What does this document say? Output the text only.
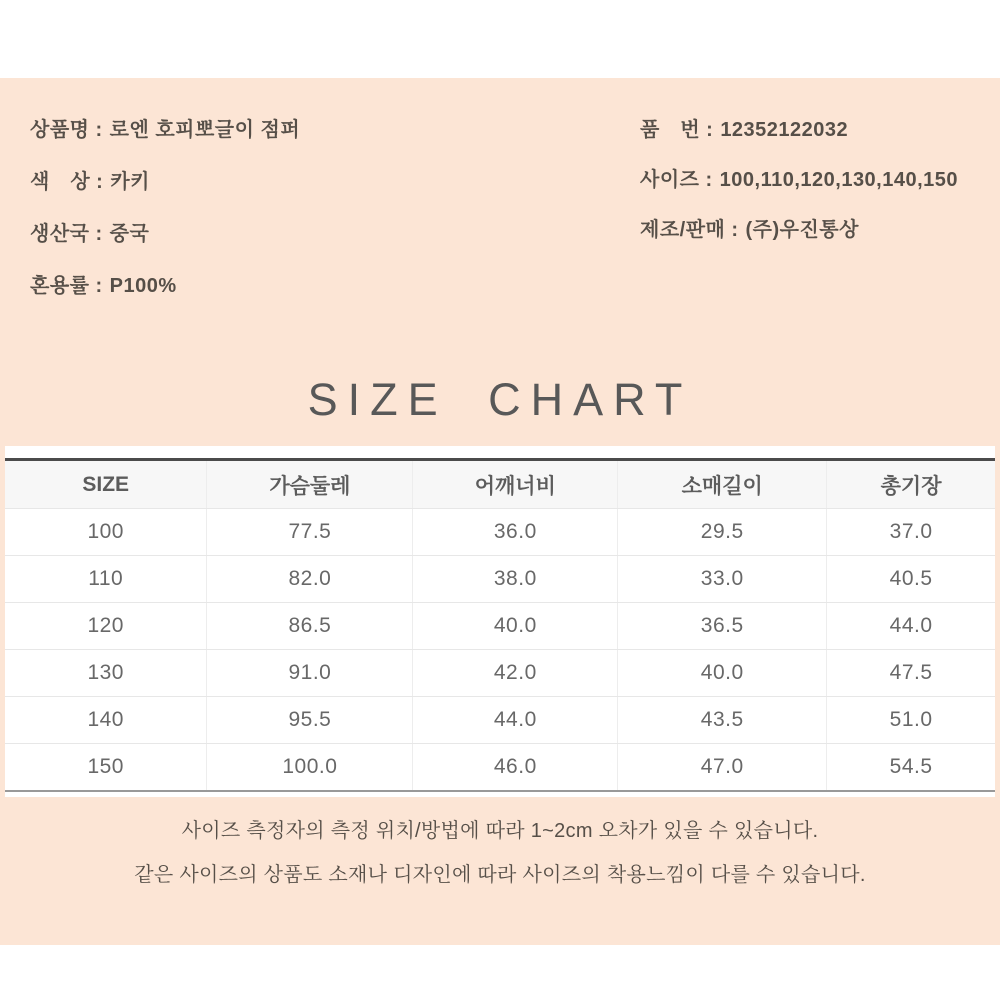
상품명 : 로엔 호피뽀글이 점퍼
색　상 : 카키
생산국 : 중국
혼용률 : P100%
품　번 : 12352122032
사이즈 : 100,110,120,130,140,150
제조/판매 : (주)우진통상
SIZE CHART
SIZE	가슴둘레	어깨너비	소매길이	총기장
100	77.5	36.0	29.5	37.0
110	82.0	38.0	33.0	40.5
120	86.5	40.0	36.5	44.0
130	91.0	42.0	40.0	47.5
140	95.5	44.0	43.5	51.0
150	100.0	46.0	47.0	54.5
사이즈 측정자의 측정 위치/방법에 따라 1~2cm 오차가 있을 수 있습니다.
같은 사이즈의 상품도 소재나 디자인에 따라 사이즈의 착용느낌이 다를 수 있습니다.
